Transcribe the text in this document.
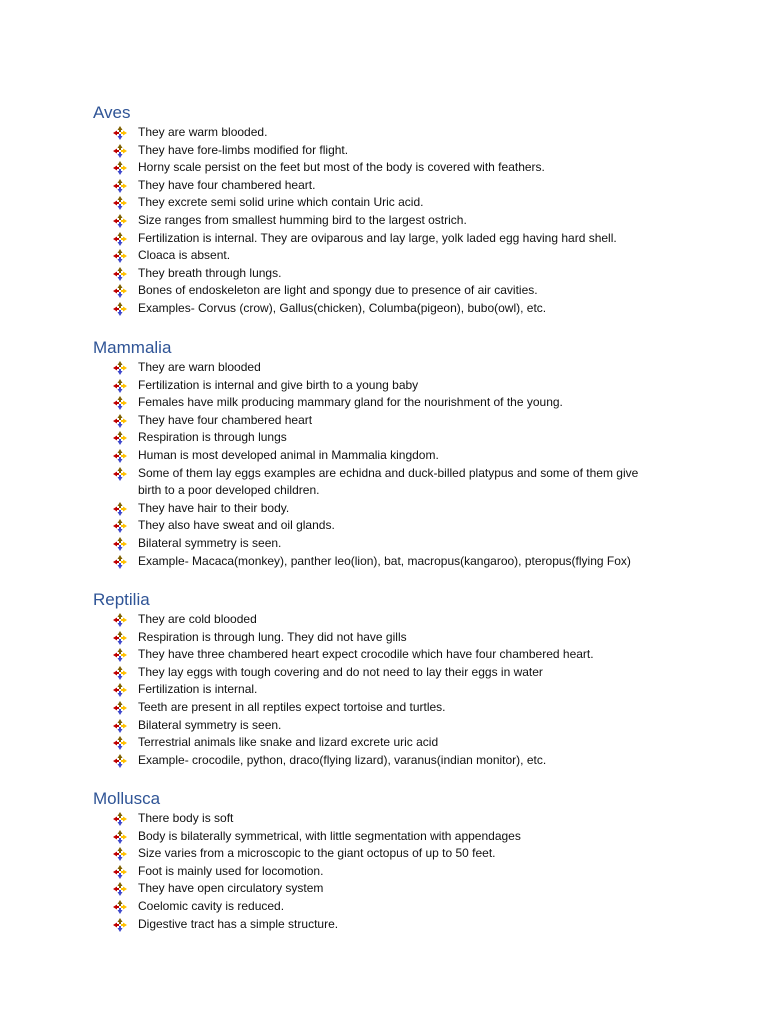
Aves
They are warm blooded.
They have fore-limbs modified for flight.
Horny scale persist on the feet but most of the body is covered with feathers.
They have four chambered heart.
They excrete semi solid urine which contain Uric acid.
Size ranges from smallest humming bird to the largest ostrich.
Fertilization is internal. They are oviparous and lay large, yolk laded egg having hard shell.
Cloaca is absent.
They breath through lungs.
Bones of endoskeleton are light and spongy due to presence of air cavities.
Examples- Corvus (crow), Gallus(chicken), Columba(pigeon), bubo(owl), etc.
Mammalia
They are warn blooded
Fertilization is internal and give birth to a young baby
Females have milk producing mammary gland for the nourishment of the young.
They have four chambered heart
Respiration is through lungs
Human is most developed animal in Mammalia kingdom.
Some of them lay eggs examples are echidna and duck-billed platypus and some of them give birth to a poor developed children.
They have hair to their body.
They also have sweat and oil glands.
Bilateral symmetry is seen.
Example- Macaca(monkey), panther leo(lion), bat, macropus(kangaroo), pteropus(flying Fox)
Reptilia
They are cold blooded
Respiration is through lung. They did not have gills
They have three chambered heart expect crocodile which have four chambered heart.
They lay eggs with tough covering and do not need to lay their eggs in water
Fertilization is internal.
Teeth are present in all reptiles expect tortoise and turtles.
Bilateral symmetry is seen.
Terrestrial animals like snake and lizard excrete uric acid
Example- crocodile, python, draco(flying lizard), varanus(indian monitor), etc.
Mollusca
There body is soft
Body is bilaterally symmetrical, with little segmentation with appendages
Size varies from a microscopic to the giant octopus of up to 50 feet.
Foot is mainly used for locomotion.
They have open circulatory system
Coelomic cavity is reduced.
Digestive tract has a simple structure.
